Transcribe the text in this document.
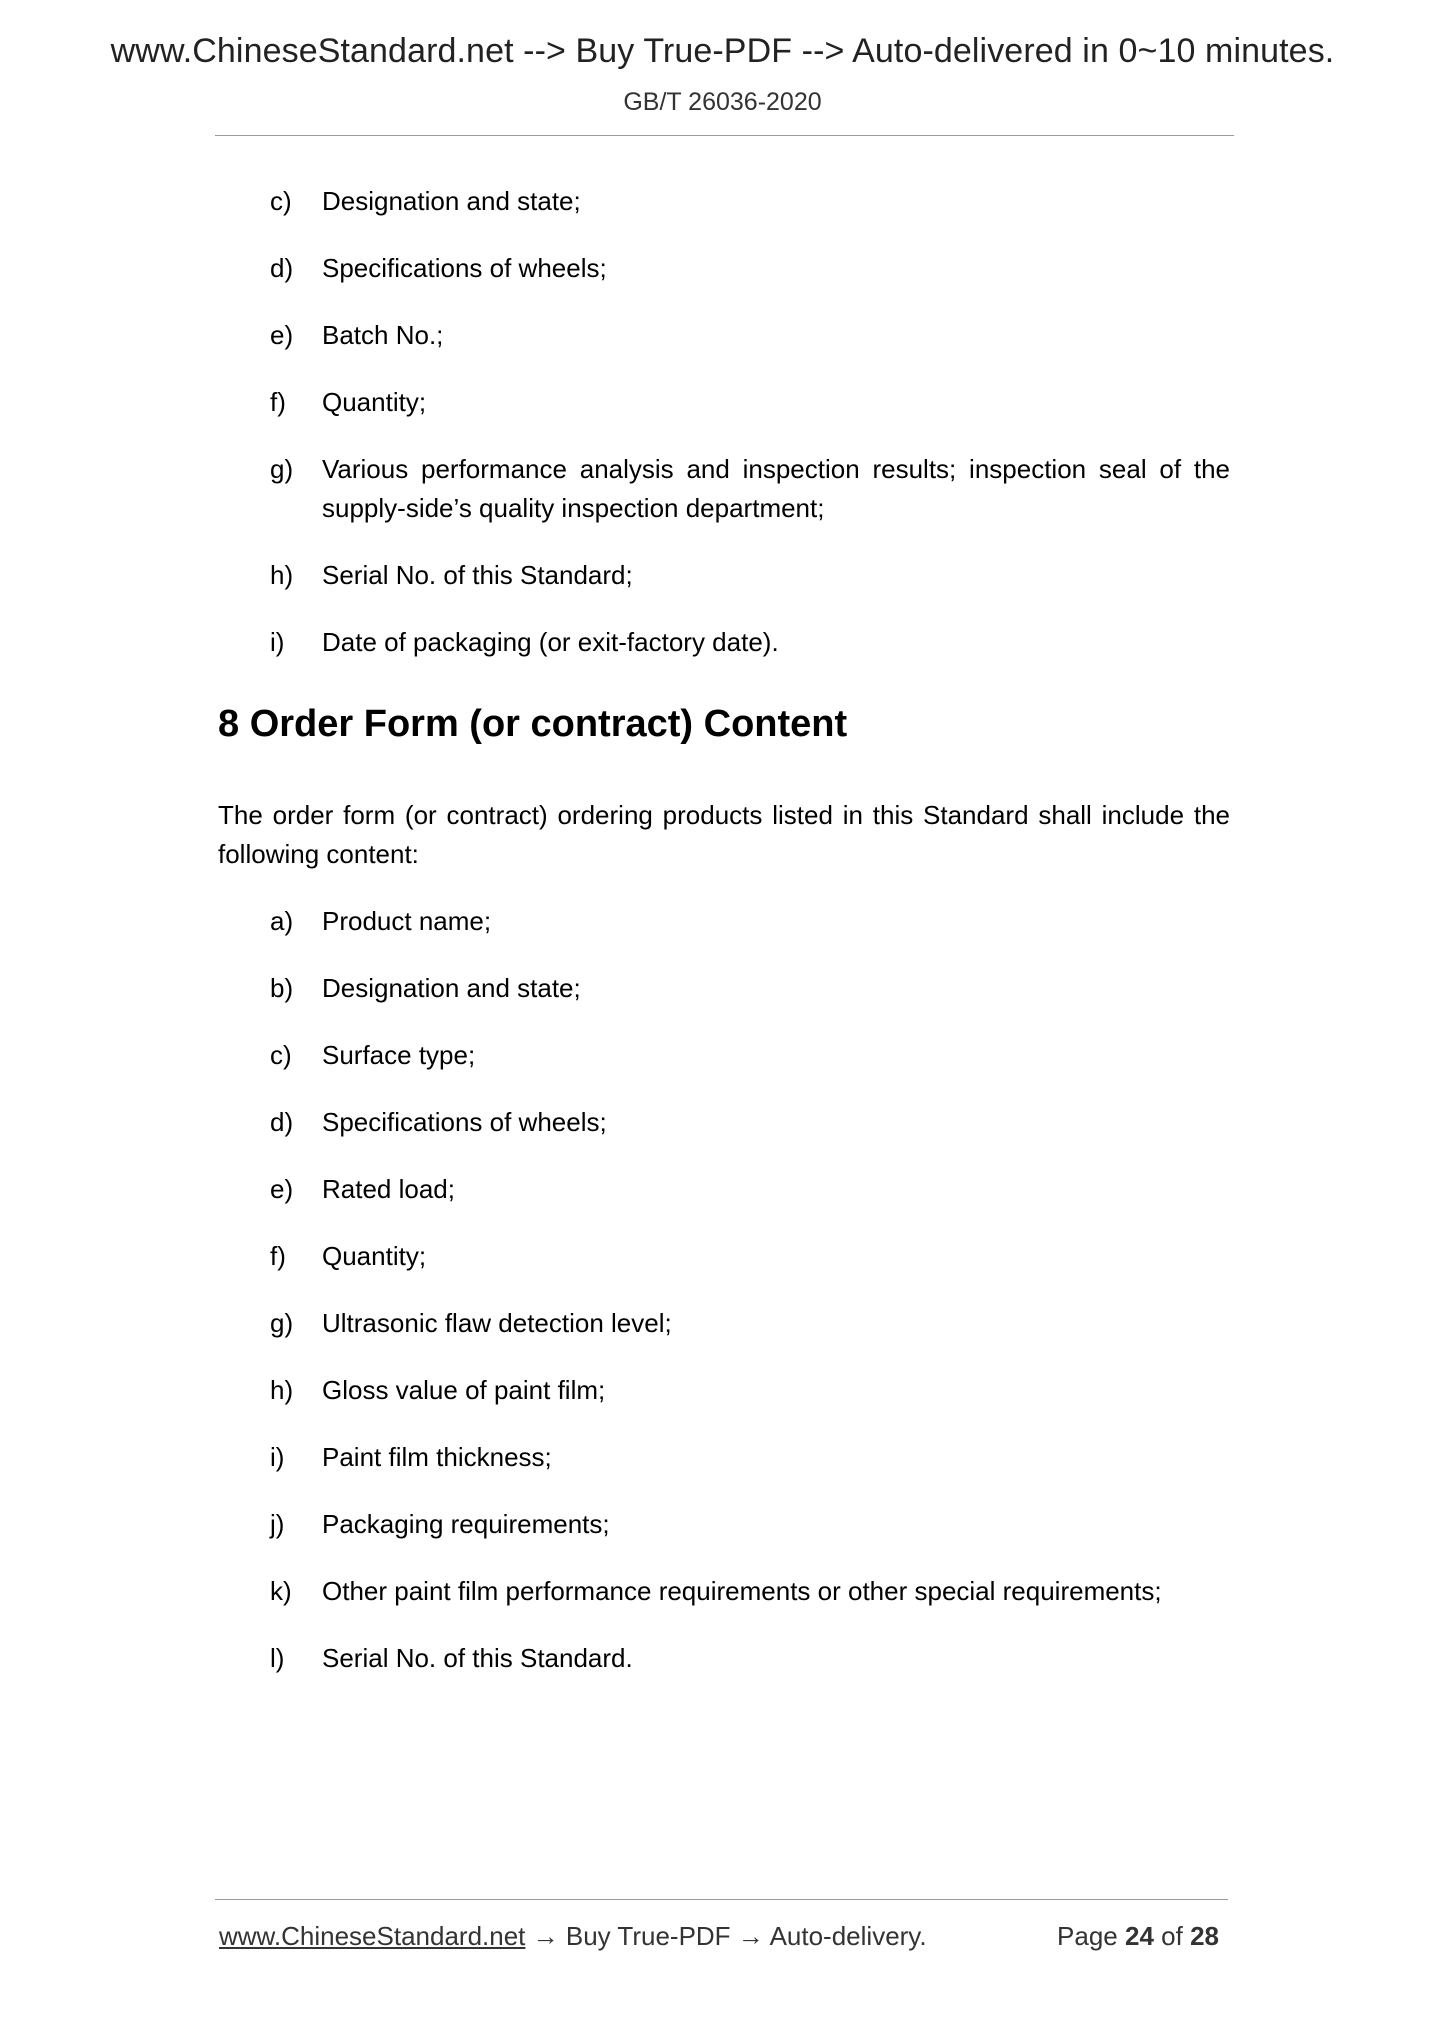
www.ChineseStandard.net --> Buy True-PDF --> Auto-delivered in 0~10 minutes.
GB/T 26036-2020
c)	Designation and state;
d)	Specifications of wheels;
e)	Batch No.;
f)	Quantity;
g)	Various performance analysis and inspection results; inspection seal of the supply-side’s quality inspection department;
h)	Serial No. of this Standard;
i)	Date of packaging (or exit-factory date).
8 Order Form (or contract) Content

The order form (or contract) ordering products listed in this Standard shall include the following content:

a)	Product name;
b)	Designation and state;
c)	Surface type;
d)	Specifications of wheels;
e)	Rated load;
f)	Quantity;
g)	Ultrasonic flaw detection level;
h)	Gloss value of paint film;
i)	Paint film thickness;
j)	Packaging requirements;
k)	Other paint film performance requirements or other special requirements;
l)	Serial No. of this Standard.
www.ChineseStandard.net → Buy True-PDF → Auto-delivery.	Page 24 of 28
